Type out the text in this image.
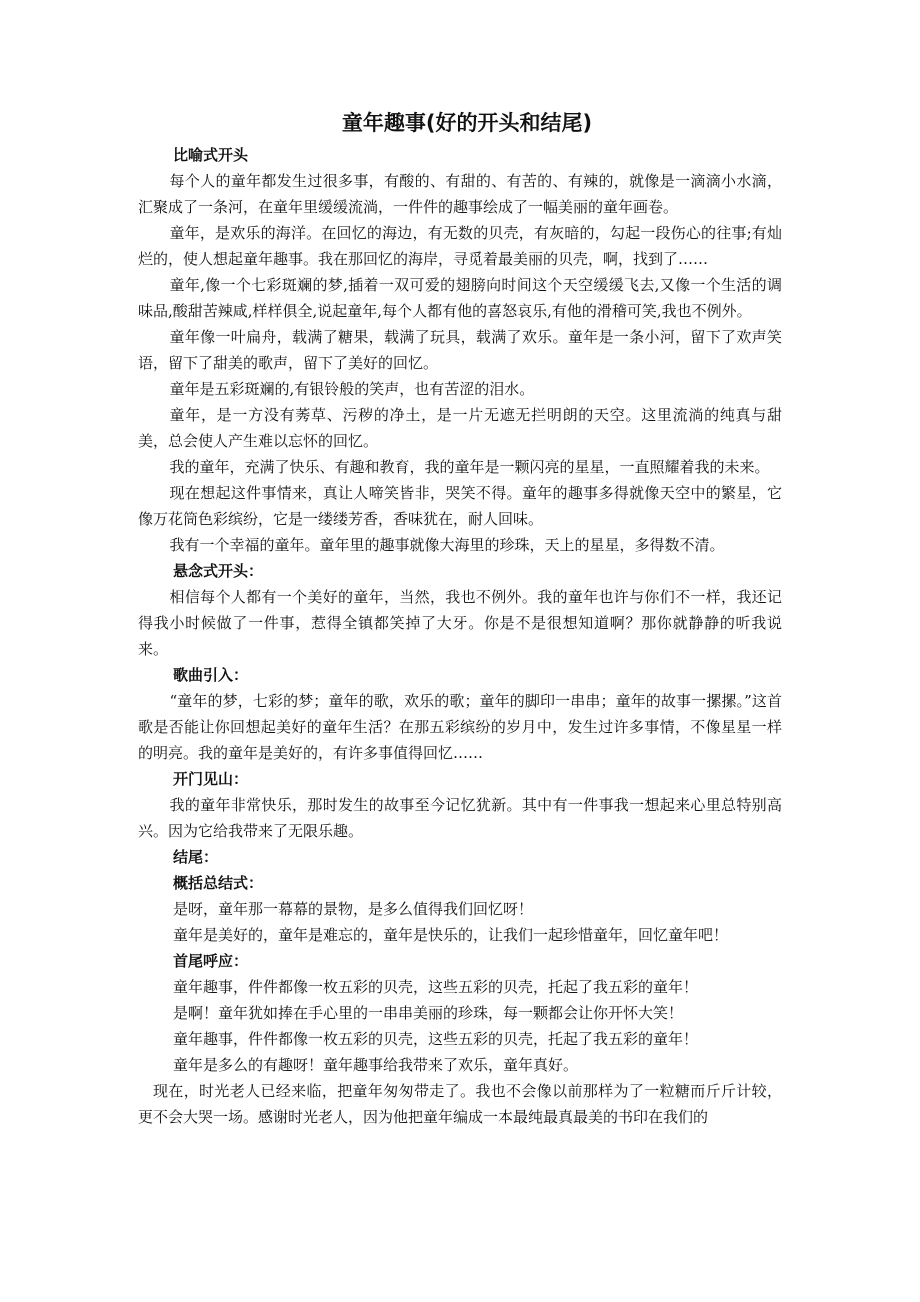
童年趣事(好的开头和结尾)

比喻式开头

每个人的童年都发生过很多事，有酸的、有甜的、有苦的、有辣的，就像是一滴滴小水滴，汇聚成了一条河，在童年里缓缓流淌，一件件的趣事绘成了一幅美丽的童年画卷。

童年，是欢乐的海洋。在回忆的海边，有无数的贝壳，有灰暗的，勾起一段伤心的往事;有灿烂的，使人想起童年趣事。我在那回忆的海岸，寻觅着最美丽的贝壳，啊，找到了……

童年,像一个七彩斑斓的梦,插着一双可爱的翅膀向时间这个天空缓缓飞去,又像一个生活的调味品,酸甜苦辣咸,样样俱全,说起童年,每个人都有他的喜怒哀乐,有他的滑稽可笑,我也不例外。

童年像一叶扁舟，载满了糖果，载满了玩具，载满了欢乐。童年是一条小河，留下了欢声笑语，留下了甜美的歌声，留下了美好的回忆。

童年是五彩斑斓的,有银铃般的笑声，也有苦涩的泪水。

童年，是一方没有莠草、污秽的净土，是一片无遮无拦明朗的天空。这里流淌的纯真与甜美，总会使人产生难以忘怀的回忆。

我的童年，充满了快乐、有趣和教育，我的童年是一颗闪亮的星星，一直照耀着我的未来。

现在想起这件事情来，真让人啼笑皆非，哭笑不得。童年的趣事多得就像天空中的繁星，它像万花筒色彩缤纷，它是一缕缕芳香，香味犹在，耐人回味。

我有一个幸福的童年。童年里的趣事就像大海里的珍珠，天上的星星，多得数不清。

悬念式开头：

相信每个人都有一个美好的童年，当然，我也不例外。我的童年也许与你们不一样，我还记得我小时候做了一件事，惹得全镇都笑掉了大牙。你是不是很想知道啊？那你就静静的听我说来。

歌曲引入：

“童年的梦，七彩的梦；童年的歌，欢乐的歌；童年的脚印一串串；童年的故事一摞摞。”这首歌是否能让你回想起美好的童年生活？在那五彩缤纷的岁月中，发生过许多事情，不像星星一样的明亮。我的童年是美好的，有许多事值得回忆……

开门见山：

我的童年非常快乐，那时发生的故事至今记忆犹新。其中有一件事我一想起来心里总特别高兴。因为它给我带来了无限乐趣。

结尾：

概括总结式：

是呀，童年那一幕幕的景物，是多么值得我们回忆呀！

童年是美好的，童年是难忘的，童年是快乐的，让我们一起珍惜童年，回忆童年吧！

首尾呼应：

童年趣事，件件都像一枚五彩的贝壳，这些五彩的贝壳，托起了我五彩的童年！

是啊！童年犹如捧在手心里的一串串美丽的珍珠，每一颗都会让你开怀大笑！

童年趣事，件件都像一枚五彩的贝壳，这些五彩的贝壳，托起了我五彩的童年！

童年是多么的有趣呀！童年趣事给我带来了欢乐，童年真好。

现在，时光老人已经来临，把童年匆匆带走了。我也不会像以前那样为了一粒糖而斤斤计较，更不会大哭一场。感谢时光老人，因为他把童年编成一本最纯最真最美的书印在我们的
